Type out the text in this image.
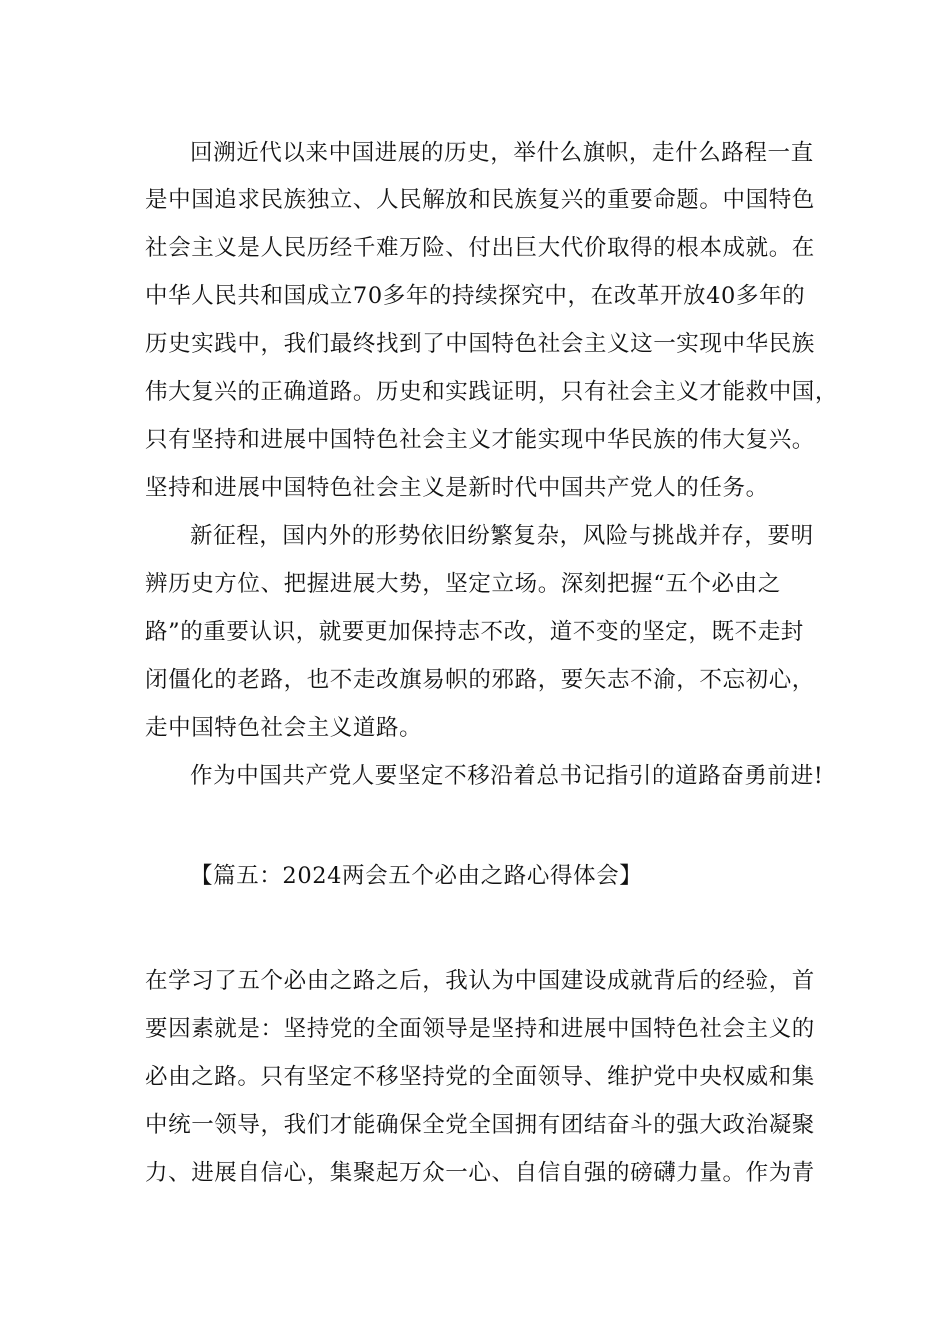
回溯近代以来中国进展的历史，举什么旗帜，走什么路程一直
是中国追求民族独立、人民解放和民族复兴的重要命题。中国特色
社会主义是人民历经千难万险、付出巨大代价取得的根本成就。在
中华人民共和国成立70多年的持续探究中，在改革开放40多年的
历史实践中，我们最终找到了中国特色社会主义这一实现中华民族
伟大复兴的正确道路。历史和实践证明，只有社会主义才能救中国，
只有坚持和进展中国特色社会主义才能实现中华民族的伟大复兴。
坚持和进展中国特色社会主义是新时代中国共产党人的任务。
新征程，国内外的形势依旧纷繁复杂，风险与挑战并存，要明
辨历史方位、把握进展大势，坚定立场。深刻把握“五个必由之
路”的重要认识，就要更加保持志不改，道不变的坚定，既不走封
闭僵化的老路，也不走改旗易帜的邪路，要矢志不渝，不忘初心，
走中国特色社会主义道路。
作为中国共产党人要坚定不移沿着总书记指引的道路奋勇前进!
【篇五：2024两会五个必由之路心得体会】
在学习了五个必由之路之后，我认为中国建设成就背后的经验，首
要因素就是：坚持党的全面领导是坚持和进展中国特色社会主义的
必由之路。只有坚定不移坚持党的全面领导、维护党中央权威和集
中统一领导，我们才能确保全党全国拥有团结奋斗的强大政治凝聚
力、进展自信心，集聚起万众一心、自信自强的磅礴力量。作为青
